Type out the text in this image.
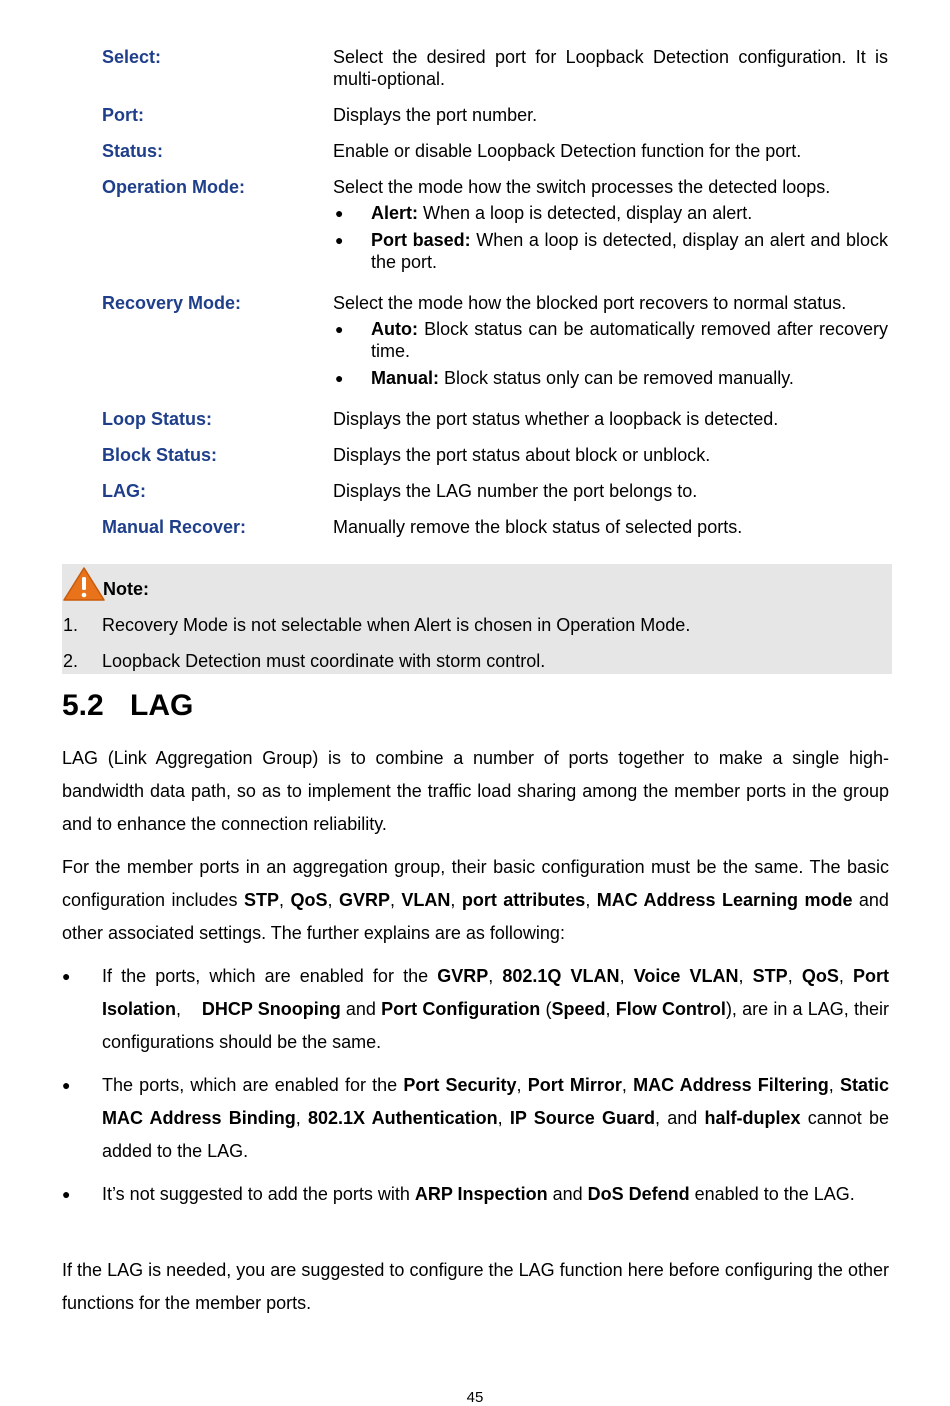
Select:	Select the desired port for Loopback Detection configuration. It is multi-optional.
Port:	Displays the port number.
Status:	Enable or disable Loopback Detection function for the port.
Operation Mode:	Select the mode how the switch processes the detected loops.
● Alert: When a loop is detected, display an alert.
● Port based: When a loop is detected, display an alert and block the port.
Recovery Mode:	Select the mode how the blocked port recovers to normal status.
● Auto: Block status can be automatically removed after recovery time.
● Manual: Block status only can be removed manually.
Loop Status:	Displays the port status whether a loopback is detected.
Block Status:	Displays the port status about block or unblock.
LAG:	Displays the LAG number the port belongs to.
Manual Recover:	Manually remove the block status of selected ports.
Note:
1. Recovery Mode is not selectable when Alert is chosen in Operation Mode.
2. Loopback Detection must coordinate with storm control.
5.2 LAG

LAG (Link Aggregation Group) is to combine a number of ports together to make a single high-bandwidth data path, so as to implement the traffic load sharing among the member ports in the group and to enhance the connection reliability.

For the member ports in an aggregation group, their basic configuration must be the same. The basic configuration includes STP, QoS, GVRP, VLAN, port attributes, MAC Address Learning mode and other associated settings. The further explains are as following:

● If the ports, which are enabled for the GVRP, 802.1Q VLAN, Voice VLAN, STP, QoS, Port Isolation,    DHCP Snooping and Port Configuration (Speed, Flow Control), are in a LAG, their configurations should be the same.
● The ports, which are enabled for the Port Security, Port Mirror, MAC Address Filtering, Static MAC Address Binding, 802.1X Authentication, IP Source Guard, and half-duplex cannot be added to the LAG.
● It’s not suggested to add the ports with ARP Inspection and DoS Defend enabled to the LAG.

If the LAG is needed, you are suggested to configure the LAG function here before configuring the other functions for the member ports.

45
